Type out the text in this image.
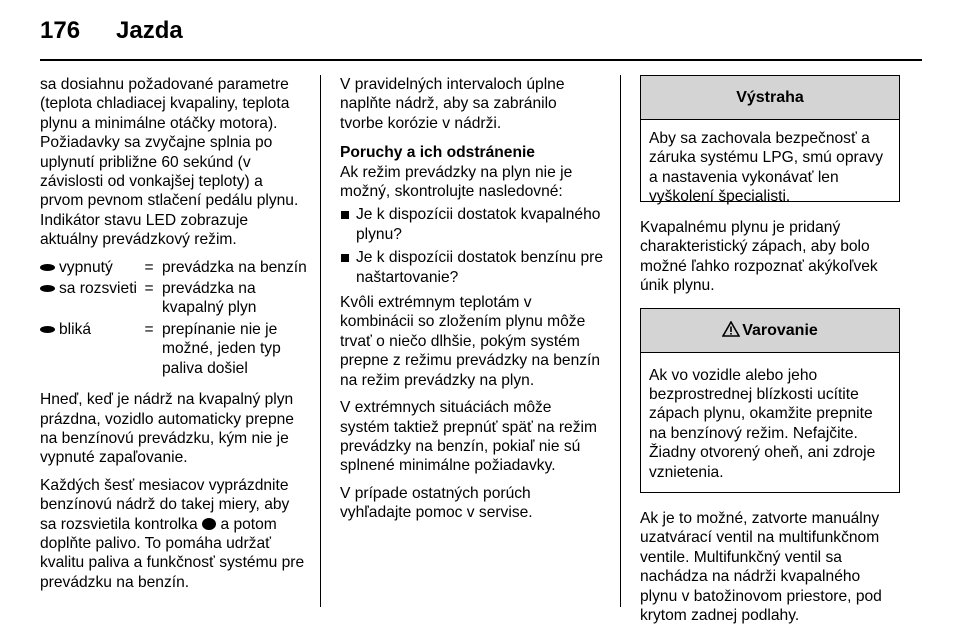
176 Jazda

sa dosiahnu požadované parametre (teplota chladiacej kvapaliny, teplota plynu a minimálne otáčky motora). Požiadavky sa zvyčajne splnia po uplynutí približne 60 sekúnd (v závislosti od vonkajšej teploty) a prvom pevnom stlačení pedálu plynu. Indikátor stavu LED zobrazuje aktuálny prevádzkový režim.

vypnutý	= prevádzka na benzín
sa rozsvieti = prevádzka na kvapalný plyn
bliká	= prepínanie nie je možné, jeden typ paliva došiel

Hneď, keď je nádrž na kvapalný plyn prázdna, vozidlo automaticky prepne na benzínovú prevádzku, kým nie je vypnuté zapaľovanie.

Každých šesť mesiacov vyprázdnite benzínovú nádrž do takej miery, aby sa rozsvietila kontrolka a potom doplňte palivo. To pomáha udržať kvalitu paliva a funkčnosť systému pre prevádzku na benzín.

V pravidelných intervaloch úplne naplňte nádrž, aby sa zabránilo tvorbe korózie v nádrži.

Poruchy a ich odstránenie

Ak režim prevádzky na plyn nie je možný, skontrolujte nasledovné:

Je k dispozícii dostatok kvapalného plynu?
Je k dispozícii dostatok benzínu pre naštartovanie?

Kvôli extrémnym teplotám v kombinácii so zložením plynu môže trvať o niečo dlhšie, pokým systém prepne z režimu prevádzky na benzín na režim prevádzky na plyn.

V extrémnych situáciách môže systém taktiež prepnúť späť na režim prevádzky na benzín, pokiaľ nie sú splnené minimálne požiadavky.

V prípade ostatných porúch vyhľadajte pomoc v servise.

Výstraha
Aby sa zachovala bezpečnosť a záruka systému LPG, smú opravy a nastavenia vykonávať len vyškolení špecialisti.

Kvapalnému plynu je pridaný charakteristický zápach, aby bolo možné ľahko rozpoznať akýkoľvek únik plynu.

Varovanie
Ak vo vozidle alebo jeho bezprostrednej blízkosti ucítite zápach plynu, okamžite prepnite na benzínový režim. Nefajčite. Žiadny otvorený oheň, ani zdroje vznietenia.

Ak je to možné, zatvorte manuálny uzatvárací ventil na multifunkčnom ventile. Multifunkčný ventil sa nachádza na nádrži kvapalného plynu v batožinovom priestore, pod krytom zadnej podlahy.
